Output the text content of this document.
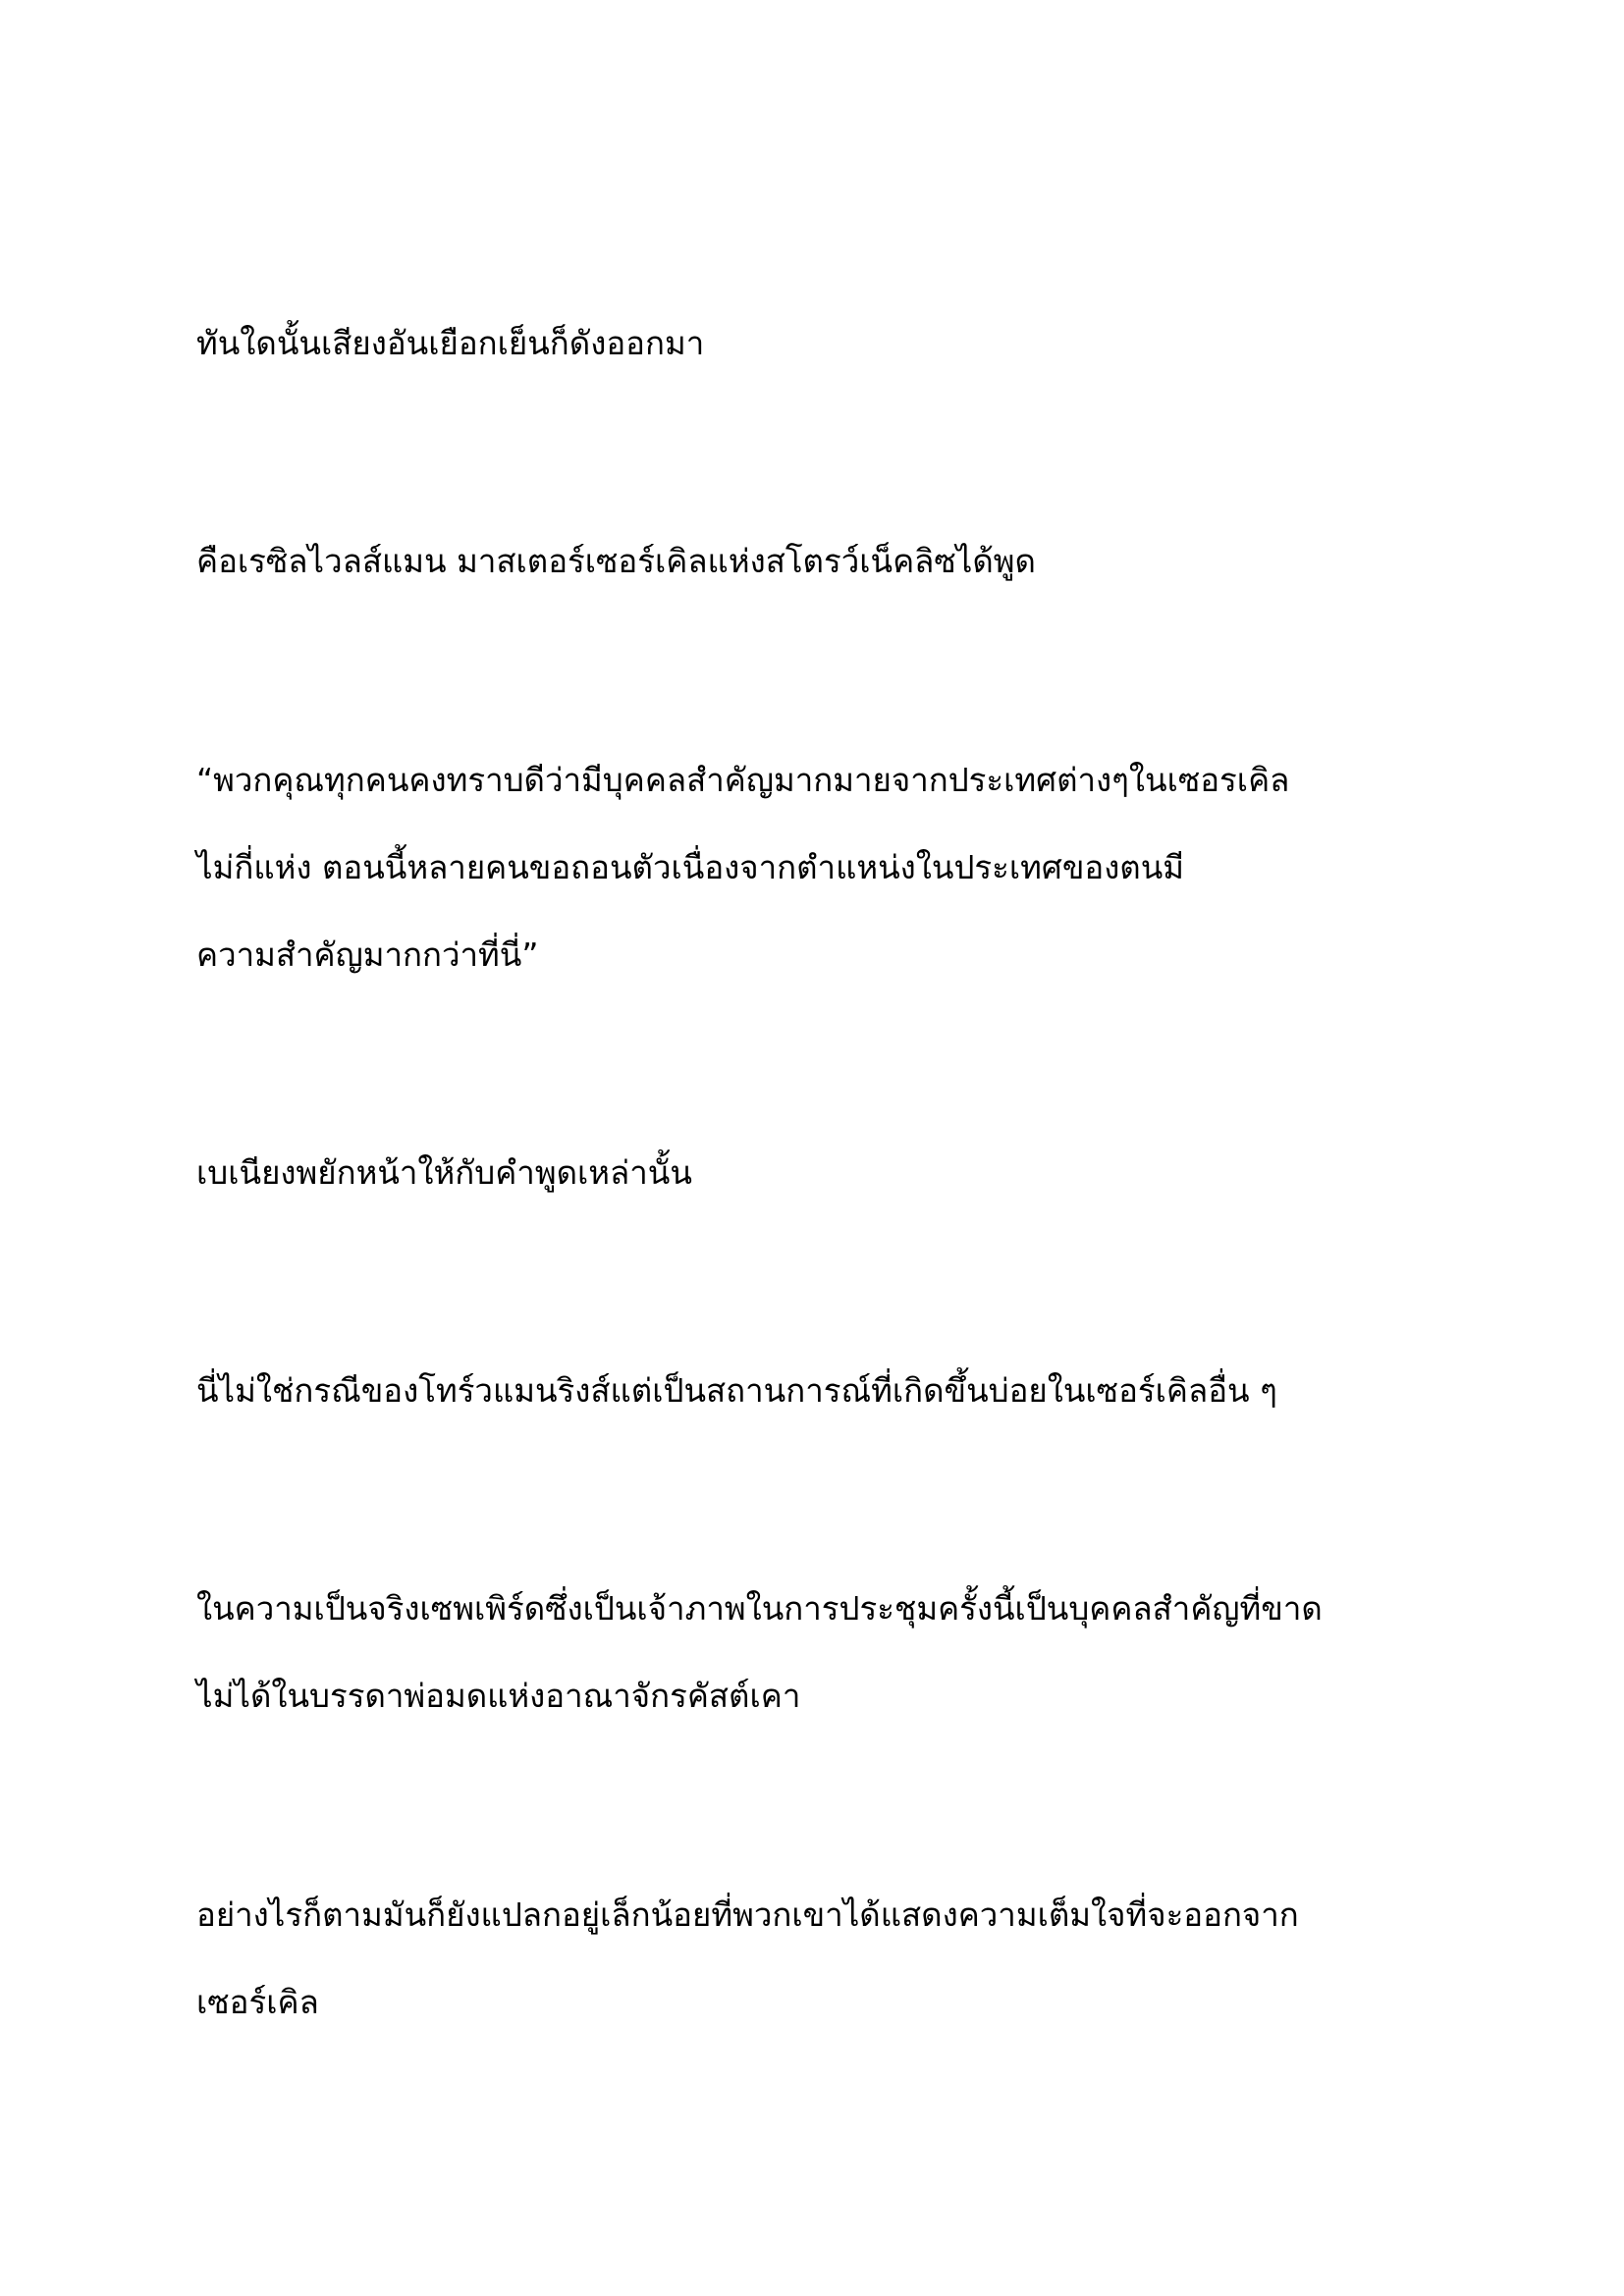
ทันใดนั้นเสียงอันเยือกเย็นก็ดังออกมา
คือเรซิลไวลส์แมน มาสเตอร์เซอร์เคิลแห่งสโตรว์เน็คลิซได้พูด
“พวกคุณทุกคนคงทราบดีว่ามีบุคคลสำคัญมากมายจากประเทศต่างๆในเซอรเคิล
ไม่กี่แห่ง ตอนนี้หลายคนขอถอนตัวเนื่องจากตำแหน่งในประเทศของตนมี
ความสำคัญมากกว่าที่นี่”
เบเนียงพยักหน้าให้กับคำพูดเหล่านั้น
นี่ไม่ใช่กรณีของโทร์วแมนริงส์แต่เป็นสถานการณ์ที่เกิดขึ้นบ่อยในเซอร์เคิลอื่น ๆ
ในความเป็นจริงเซพเพิร์ดซึ่งเป็นเจ้าภาพในการประชุมครั้งนี้เป็นบุคคลสำคัญที่ขาด
ไม่ได้ในบรรดาพ่อมดแห่งอาณาจักรคัสต์เคา
อย่างไรก็ตามมันก็ยังแปลกอยู่เล็กน้อยที่พวกเขาได้แสดงความเต็มใจที่จะออกจาก
เซอร์เคิล
